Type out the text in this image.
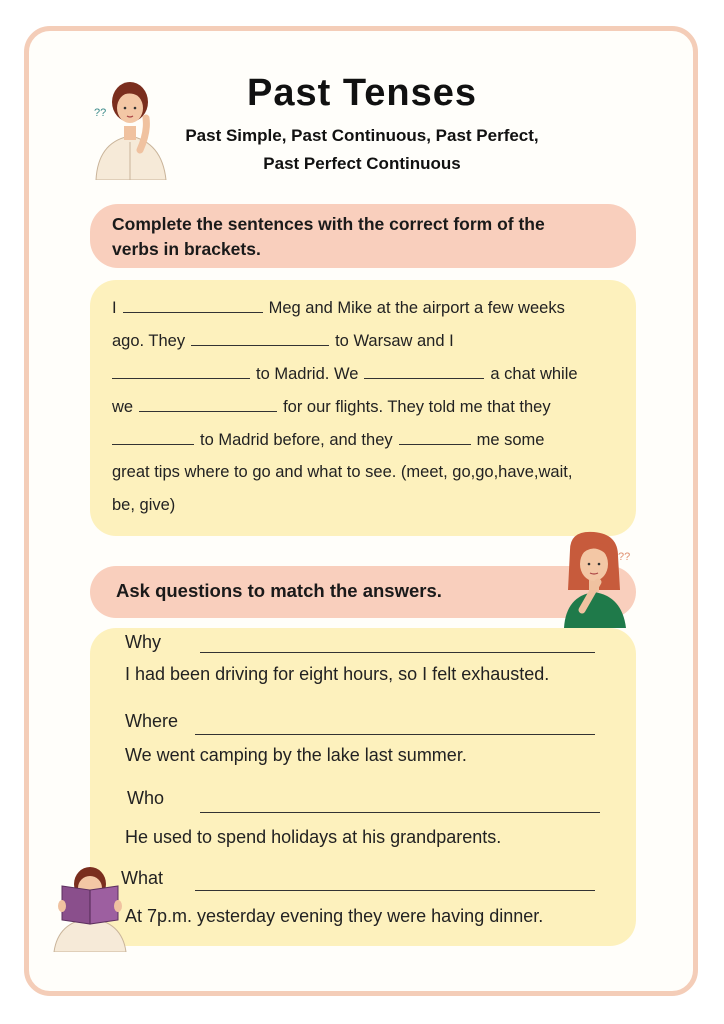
??	Past Tenses
Past Simple, Past Continuous, Past Perfect,
Past Perfect Continuous
Complete the sentences with the correct form of the
verbs in brackets.
I	Meg and Mike at the airport a few weeks
ago. They	to Warsaw and I
to Madrid. We	a chat while
we	for our flights. They told me that they
to Madrid before, and they	me some
great tips where to go and what to see. (meet, go,go,have,wait,
be, give)
Ask questions to match the answers.
??
Why
I had been driving for eight hours, so I felt exhausted.
Where
We went camping by the lake last summer.
Who
He used to spend holidays at his grandparents.
What
At 7p.m. yesterday evening they were having dinner.
